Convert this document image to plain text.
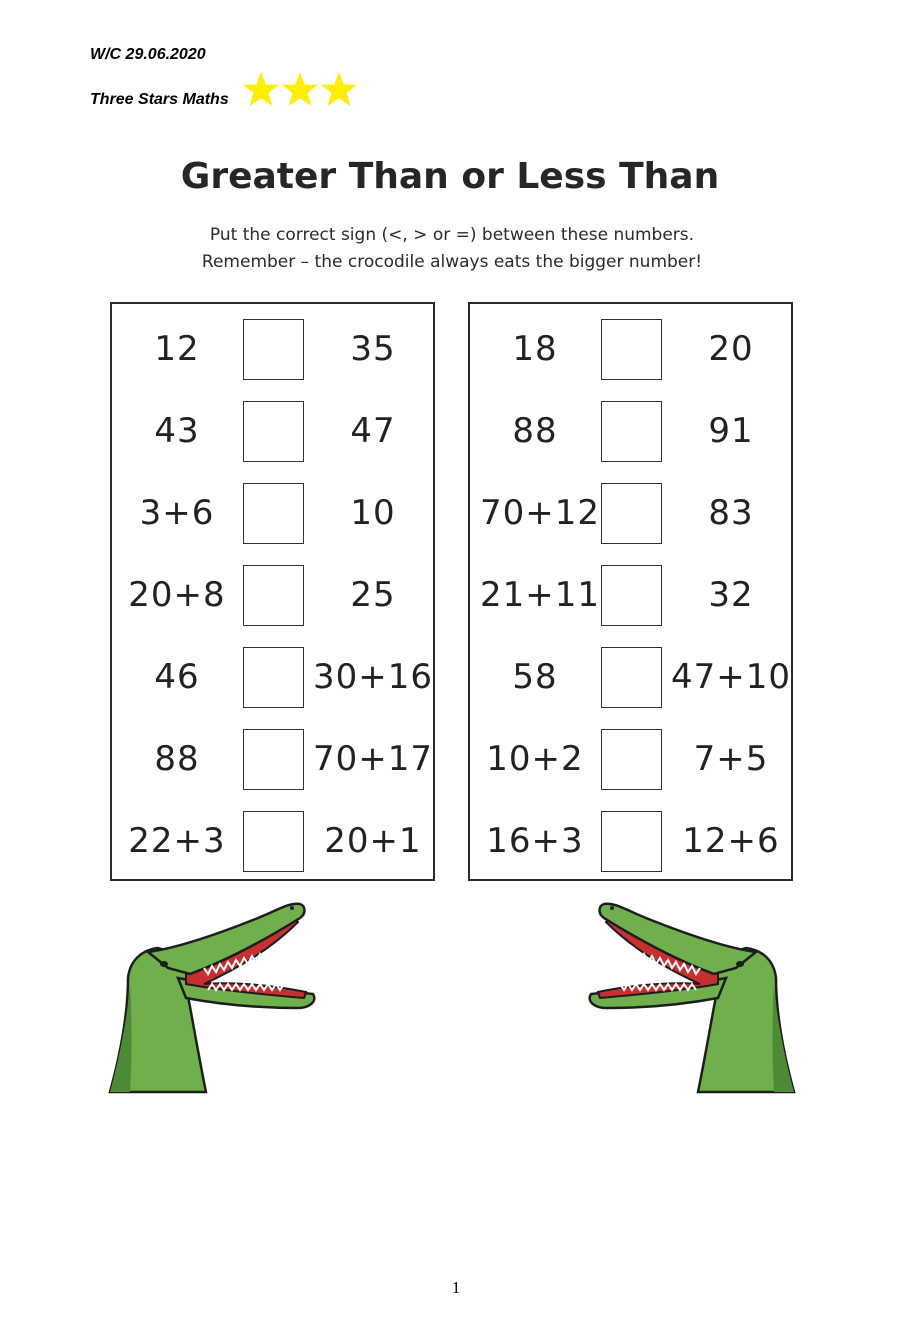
W/C 29.06.2020
Three Stars Maths
Greater Than or Less Than
Put the correct sign (<, > or =) between these numbers.
Remember – the crocodile always eats the bigger number!
12	35
43	47
3+6	10
20+8	25
46	30+16
88	70+17
22+3	20+1
18	20
88	91
70+12	83
21+11	32
58	47+10
10+2	7+5
16+3	12+6
1
